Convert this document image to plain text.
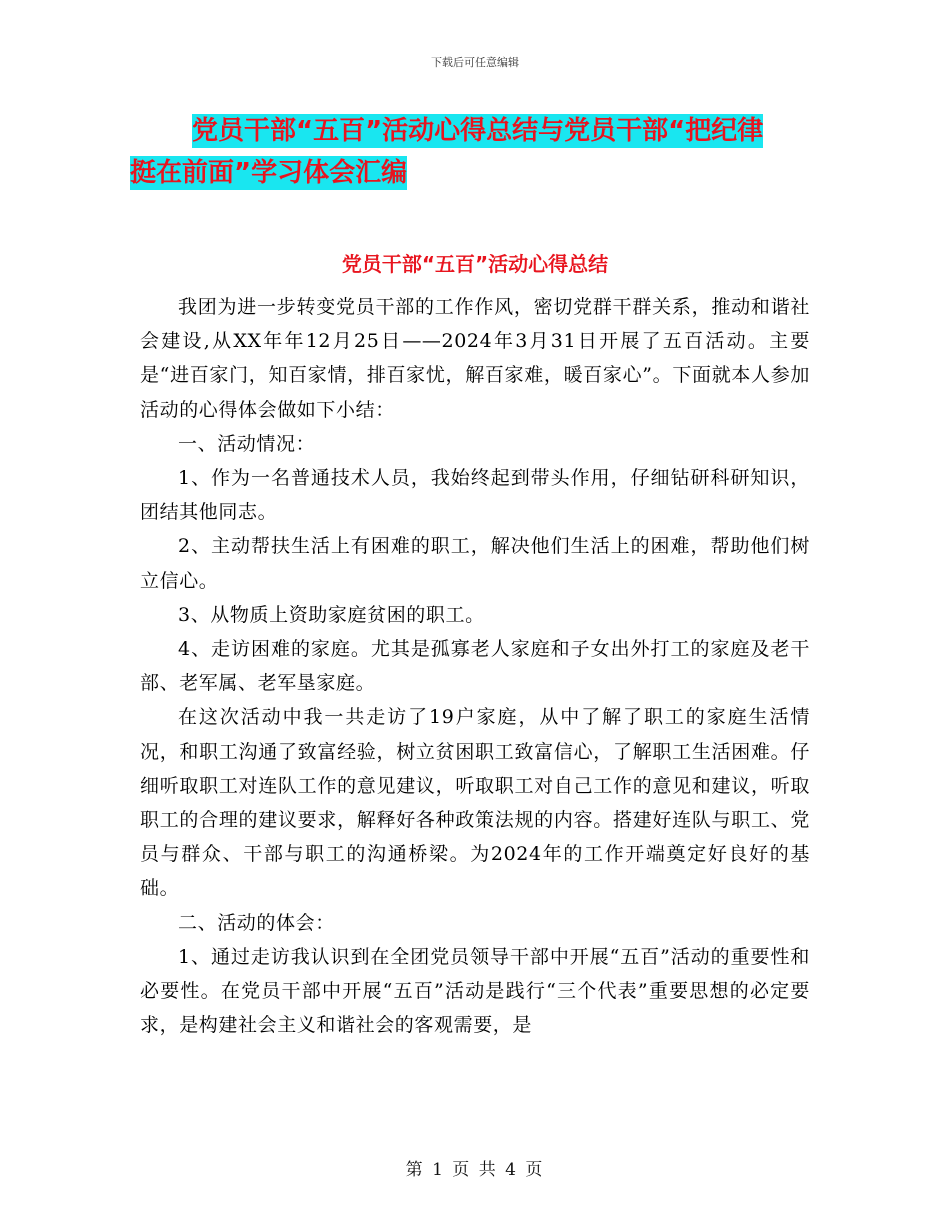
下载后可任意编辑
党员干部“五百”活动心得总结与党员干部“把纪律
挺在前面”学习体会汇编
党员干部“五百”活动心得总结

我团为进一步转变党员干部的工作作风，密切党群干群关系，推动和谐社会建设,从XX年年12月25日——2024年3月31日开展了五百活动。主要是“进百家门，知百家情，排百家忧，解百家难，暖百家心”。下面就本人参加活动的心得体会做如下小结：

一、活动情况：

1、作为一名普通技术人员，我始终起到带头作用，仔细钻研科研知识，团结其他同志。

2、主动帮扶生活上有困难的职工，解决他们生活上的困难，帮助他们树立信心。

3、从物质上资助家庭贫困的职工。

4、走访困难的家庭。尤其是孤寡老人家庭和子女出外打工的家庭及老干部、老军属、老军垦家庭。

在这次活动中我一共走访了19户家庭，从中了解了职工的家庭生活情况，和职工沟通了致富经验，树立贫困职工致富信心，了解职工生活困难。仔细听取职工对连队工作的意见建议，听取职工对自己工作的意见和建议，听取职工的合理的建议要求，解释好各种政策法规的内容。搭建好连队与职工、党员与群众、干部与职工的沟通桥梁。为2024年的工作开端奠定好良好的基础。

二、活动的体会：

1、通过走访我认识到在全团党员领导干部中开展“五百”活动的重要性和必要性。在党员干部中开展“五百”活动是践行“三个代表”重要思想的必定要求，是构建社会主义和谐社会的客观需要，是

第 1 页 共 4 页
